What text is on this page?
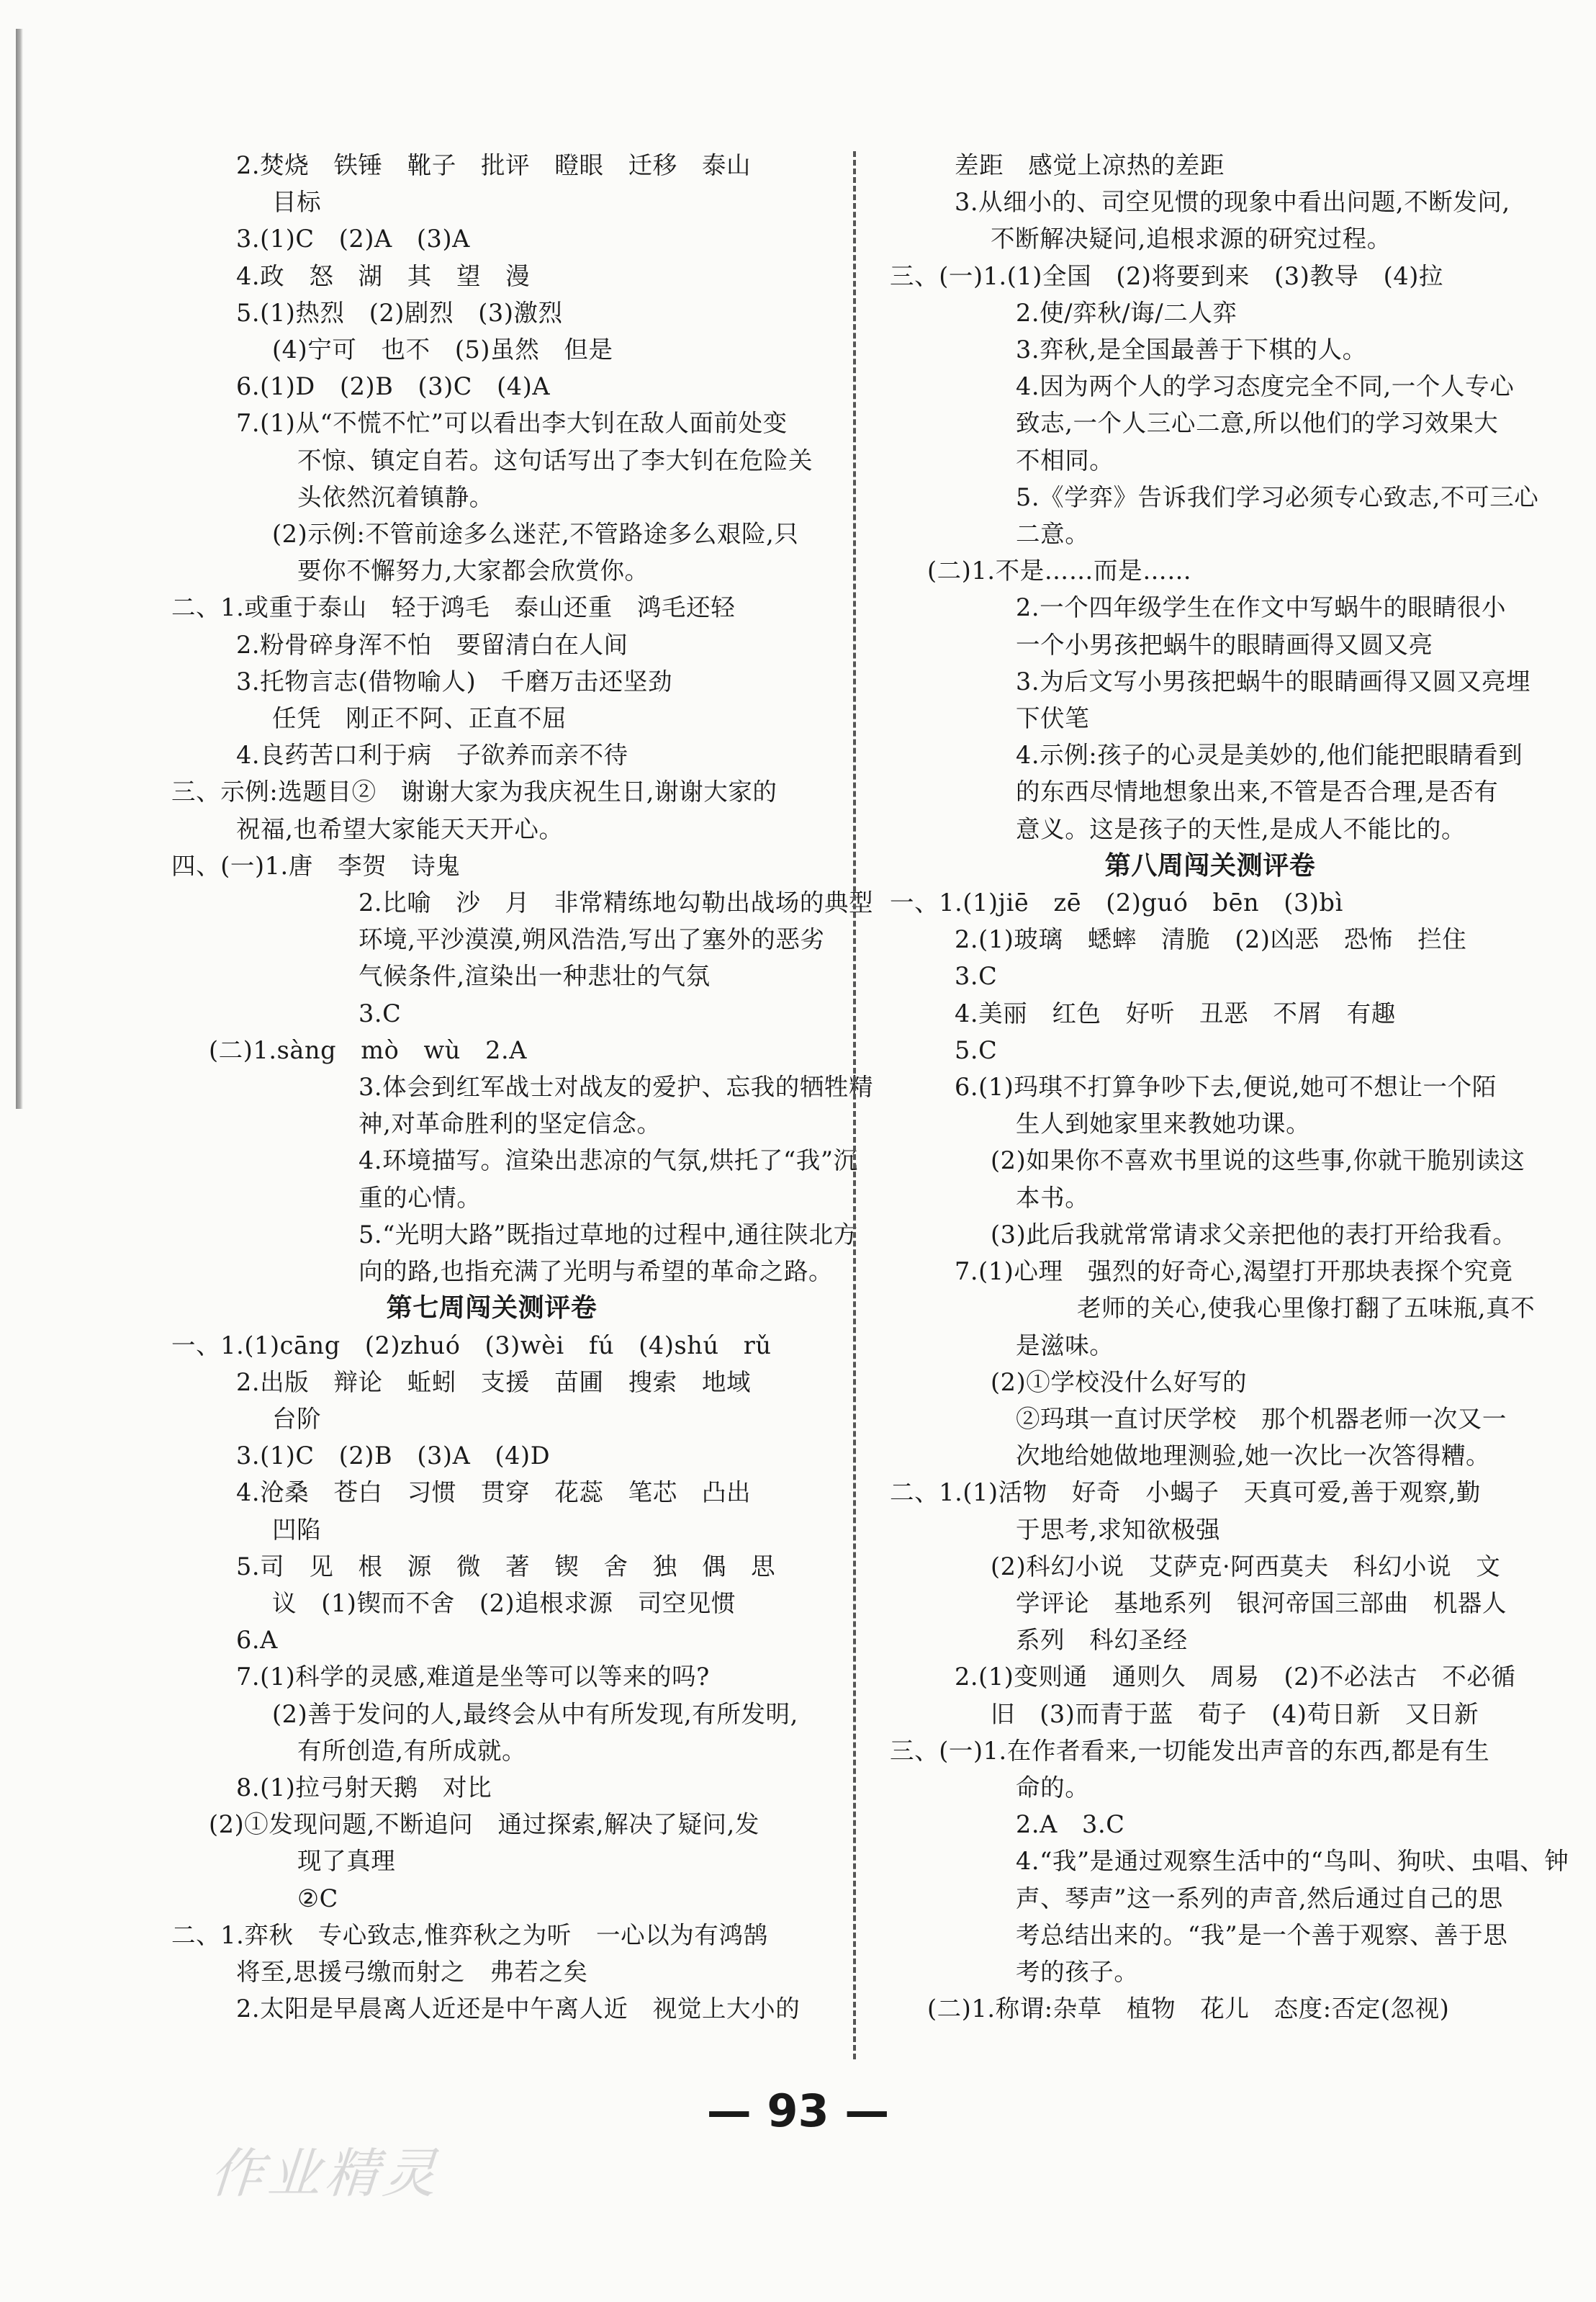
2.焚烧　铁锤　靴子　批评　瞪眼　迁移　泰山
目标
3.(1)C　(2)A　(3)A
4.政　怒　湖　其　望　漫
5.(1)热烈　(2)剧烈　(3)激烈
(4)宁可　也不　(5)虽然　但是
6.(1)D　(2)B　(3)C　(4)A
7.(1)从“不慌不忙”可以看出李大钊在敌人面前处变
不惊、镇定自若。这句话写出了李大钊在危险关
头依然沉着镇静。
(2)示例:不管前途多么迷茫,不管路途多么艰险,只
要你不懈努力,大家都会欣赏你。
二、1.或重于泰山　轻于鸿毛　泰山还重　鸿毛还轻
2.粉骨碎身浑不怕　要留清白在人间
3.托物言志(借物喻人)　千磨万击还坚劲
任凭　刚正不阿、正直不屈
4.良药苦口利于病　子欲养而亲不待
三、示例:选题目②　谢谢大家为我庆祝生日,谢谢大家的
祝福,也希望大家能天天开心。
四、(一)1.唐　李贺　诗鬼
2.比喻　沙　月　非常精练地勾勒出战场的典型
环境,平沙漠漠,朔风浩浩,写出了塞外的恶劣
气候条件,渲染出一种悲壮的气氛
3.C
(二)1.sàng　mò　wù　2.A
3.体会到红军战士对战友的爱护、忘我的牺牲精
神,对革命胜利的坚定信念。
4.环境描写。渲染出悲凉的气氛,烘托了“我”沉
重的心情。
5.“光明大路”既指过草地的过程中,通往陕北方
向的路,也指充满了光明与希望的革命之路。
第七周闯关测评卷
一、1.(1)cāng　(2)zhuó　(3)wèi　fú　(4)shú　rǔ
2.出版　辩论　蚯蚓　支援　苗圃　搜索　地域
台阶
3.(1)C　(2)B　(3)A　(4)D
4.沧桑　苍白　习惯　贯穿　花蕊　笔芯　凸出
凹陷
5.司　见　根　源　微　著　锲　舍　独　偶　思
议　(1)锲而不舍　(2)追根求源　司空见惯
6.A
7.(1)科学的灵感,难道是坐等可以等来的吗?
(2)善于发问的人,最终会从中有所发现,有所发明,
有所创造,有所成就。
8.(1)拉弓射天鹅　对比
(2)①发现问题,不断追问　通过探索,解决了疑问,发
现了真理
②C
二、1.弈秋　专心致志,惟弈秋之为听　一心以为有鸿鹄
将至,思援弓缴而射之　弗若之矣
2.太阳是早晨离人近还是中午离人近　视觉上大小的
差距　感觉上凉热的差距
3.从细小的、司空见惯的现象中看出问题,不断发问,
不断解决疑问,追根求源的研究过程。
三、(一)1.(1)全国　(2)将要到来　(3)教导　(4)拉
2.使/弈秋/诲/二人弈
3.弈秋,是全国最善于下棋的人。
4.因为两个人的学习态度完全不同,一个人专心
致志,一个人三心二意,所以他们的学习效果大
不相同。
5.《学弈》告诉我们学习必须专心致志,不可三心
二意。
(二)1.不是……而是……
2.一个四年级学生在作文中写蜗牛的眼睛很小
一个小男孩把蜗牛的眼睛画得又圆又亮
3.为后文写小男孩把蜗牛的眼睛画得又圆又亮埋
下伏笔
4.示例:孩子的心灵是美妙的,他们能把眼睛看到
的东西尽情地想象出来,不管是否合理,是否有
意义。这是孩子的天性,是成人不能比的。
第八周闯关测评卷
一、1.(1)jiē　zē　(2)guó　bēn　(3)bì
2.(1)玻璃　蟋蟀　清脆　(2)凶恶　恐怖　拦住
3.C
4.美丽　红色　好听　丑恶　不屑　有趣
5.C
6.(1)玛琪不打算争吵下去,便说,她可不想让一个陌
生人到她家里来教她功课。
(2)如果你不喜欢书里说的这些事,你就干脆别读这
本书。
(3)此后我就常常请求父亲把他的表打开给我看。
7.(1)心理　强烈的好奇心,渴望打开那块表探个究竟
老师的关心,使我心里像打翻了五味瓶,真不
是滋味。
(2)①学校没什么好写的
②玛琪一直讨厌学校　那个机器老师一次又一
次地给她做地理测验,她一次比一次答得糟。
二、1.(1)活物　好奇　小蝎子　天真可爱,善于观察,勤
于思考,求知欲极强
(2)科幻小说　艾萨克·阿西莫夫　科幻小说　文
学评论　基地系列　银河帝国三部曲　机器人
系列　科幻圣经
2.(1)变则通　通则久　周易　(2)不必法古　不必循
旧　(3)而青于蓝　荀子　(4)苟日新　又日新
三、(一)1.在作者看来,一切能发出声音的东西,都是有生
命的。
2.A　3.C
4.“我”是通过观察生活中的“鸟叫、狗吠、虫唱、钟
声、琴声”这一系列的声音,然后通过自己的思
考总结出来的。“我”是一个善于观察、善于思
考的孩子。
(二)1.称谓:杂草　植物　花儿　态度:否定(忽视)
— 93 —
作业精灵
